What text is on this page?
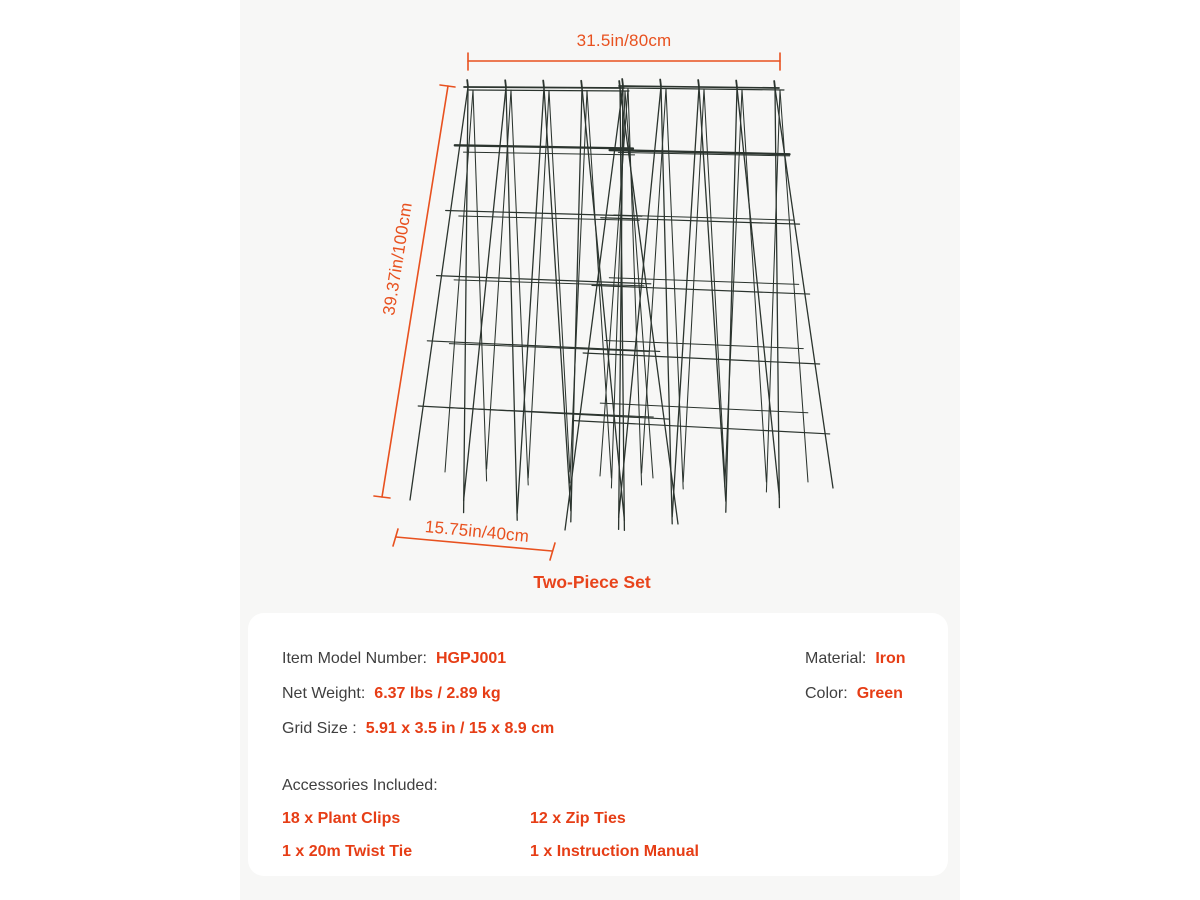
31.5in/80cm
39.37in/100cm
15.75in/40cm
Two-Piece Set
Item Model Number: HGPJ001
Net Weight: 6.37 lbs / 2.89 kg
Grid Size : 5.91 x 3.5 in / 15 x 8.9 cm
Material: Iron
Color: Green
Accessories Included:
18 x Plant Clips	12 x Zip Ties
1 x 20m Twist Tie	1 x Instruction Manual
